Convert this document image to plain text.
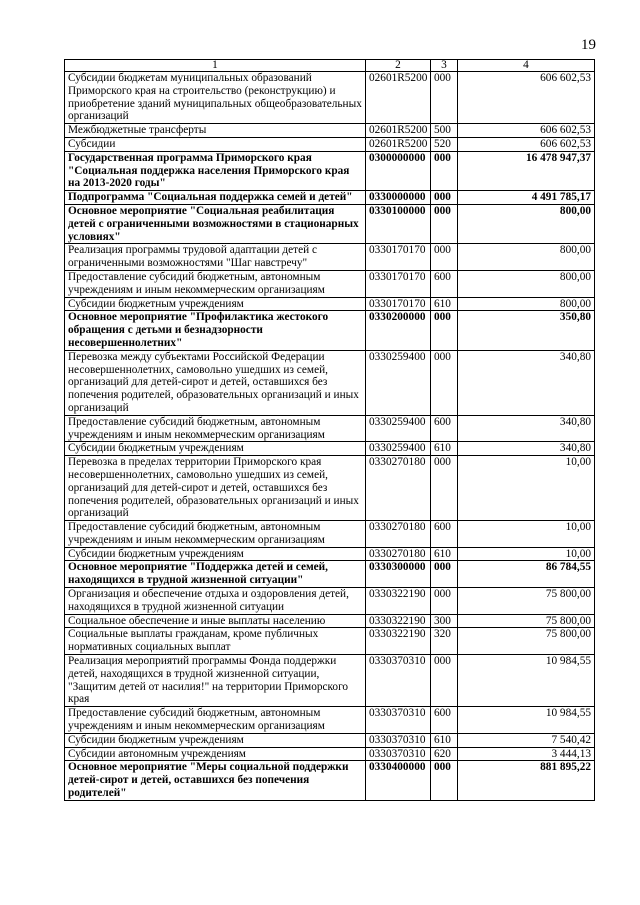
19
1	2	3	4
Субсидии бюджетам муниципальных образований Приморского края на строительство (реконструкцию) и приобретение зданий муниципальных общеобразовательных организаций	02601R5200	000	606 602,53
Межбюджетные трансферты	02601R5200	500	606 602,53
Субсидии	02601R5200	520	606 602,53
Государственная программа Приморского края "Социальная поддержка населения Приморского края на 2013-2020 годы"	0300000000	000	16 478 947,37
Подпрограмма "Социальная поддержка семей и детей"	0330000000	000	4 491 785,17
Основное мероприятие "Социальная реабилитация детей с ограниченными возможностями в стационарных условиях"	0330100000	000	800,00
Реализация программы трудовой адаптации детей с ограниченными возможностями "Шаг навстречу"	0330170170	000	800,00
Предоставление субсидий бюджетным, автономным учреждениям и иным некоммерческим организациям	0330170170	600	800,00
Субсидии бюджетным учреждениям	0330170170	610	800,00
Основное мероприятие "Профилактика жестокого обращения с детьми и безнадзорности несовершеннолетних"	0330200000	000	350,80
Перевозка между субъектами Российской Федерации несовершеннолетних, самовольно ушедших из семей, организаций для детей-сирот и детей, оставшихся без попечения родителей, образовательных организаций и иных организаций	0330259400	000	340,80
Предоставление субсидий бюджетным, автономным учреждениям и иным некоммерческим организациям	0330259400	600	340,80
Субсидии бюджетным учреждениям	0330259400	610	340,80
Перевозка в пределах территории Приморского края несовершеннолетних, самовольно ушедших из семей, организаций для детей-сирот и детей, оставшихся без попечения родителей, образовательных организаций и иных организаций	0330270180	000	10,00
Предоставление субсидий бюджетным, автономным учреждениям и иным некоммерческим организациям	0330270180	600	10,00
Субсидии бюджетным учреждениям	0330270180	610	10,00
Основное мероприятие "Поддержка детей и семей, находящихся в трудной жизненной ситуации"	0330300000	000	86 784,55
Организация и обеспечение отдыха и оздоровления детей, находящихся в трудной жизненной ситуации	0330322190	000	75 800,00
Социальное обеспечение и иные выплаты населению	0330322190	300	75 800,00
Социальные выплаты гражданам, кроме публичных нормативных социальных выплат	0330322190	320	75 800,00
Реализация мероприятий программы Фонда поддержки детей, находящихся в трудной жизненной ситуации, "Защитим детей от насилия!" на территории Приморского края	0330370310	000	10 984,55
Предоставление субсидий бюджетным, автономным учреждениям и иным некоммерческим организациям	0330370310	600	10 984,55
Субсидии бюджетным учреждениям	0330370310	610	7 540,42
Субсидии автономным учреждениям	0330370310	620	3 444,13
Основное мероприятие "Меры социальной поддержки детей-сирот и детей, оставшихся без попечения родителей"	0330400000	000	881 895,22
